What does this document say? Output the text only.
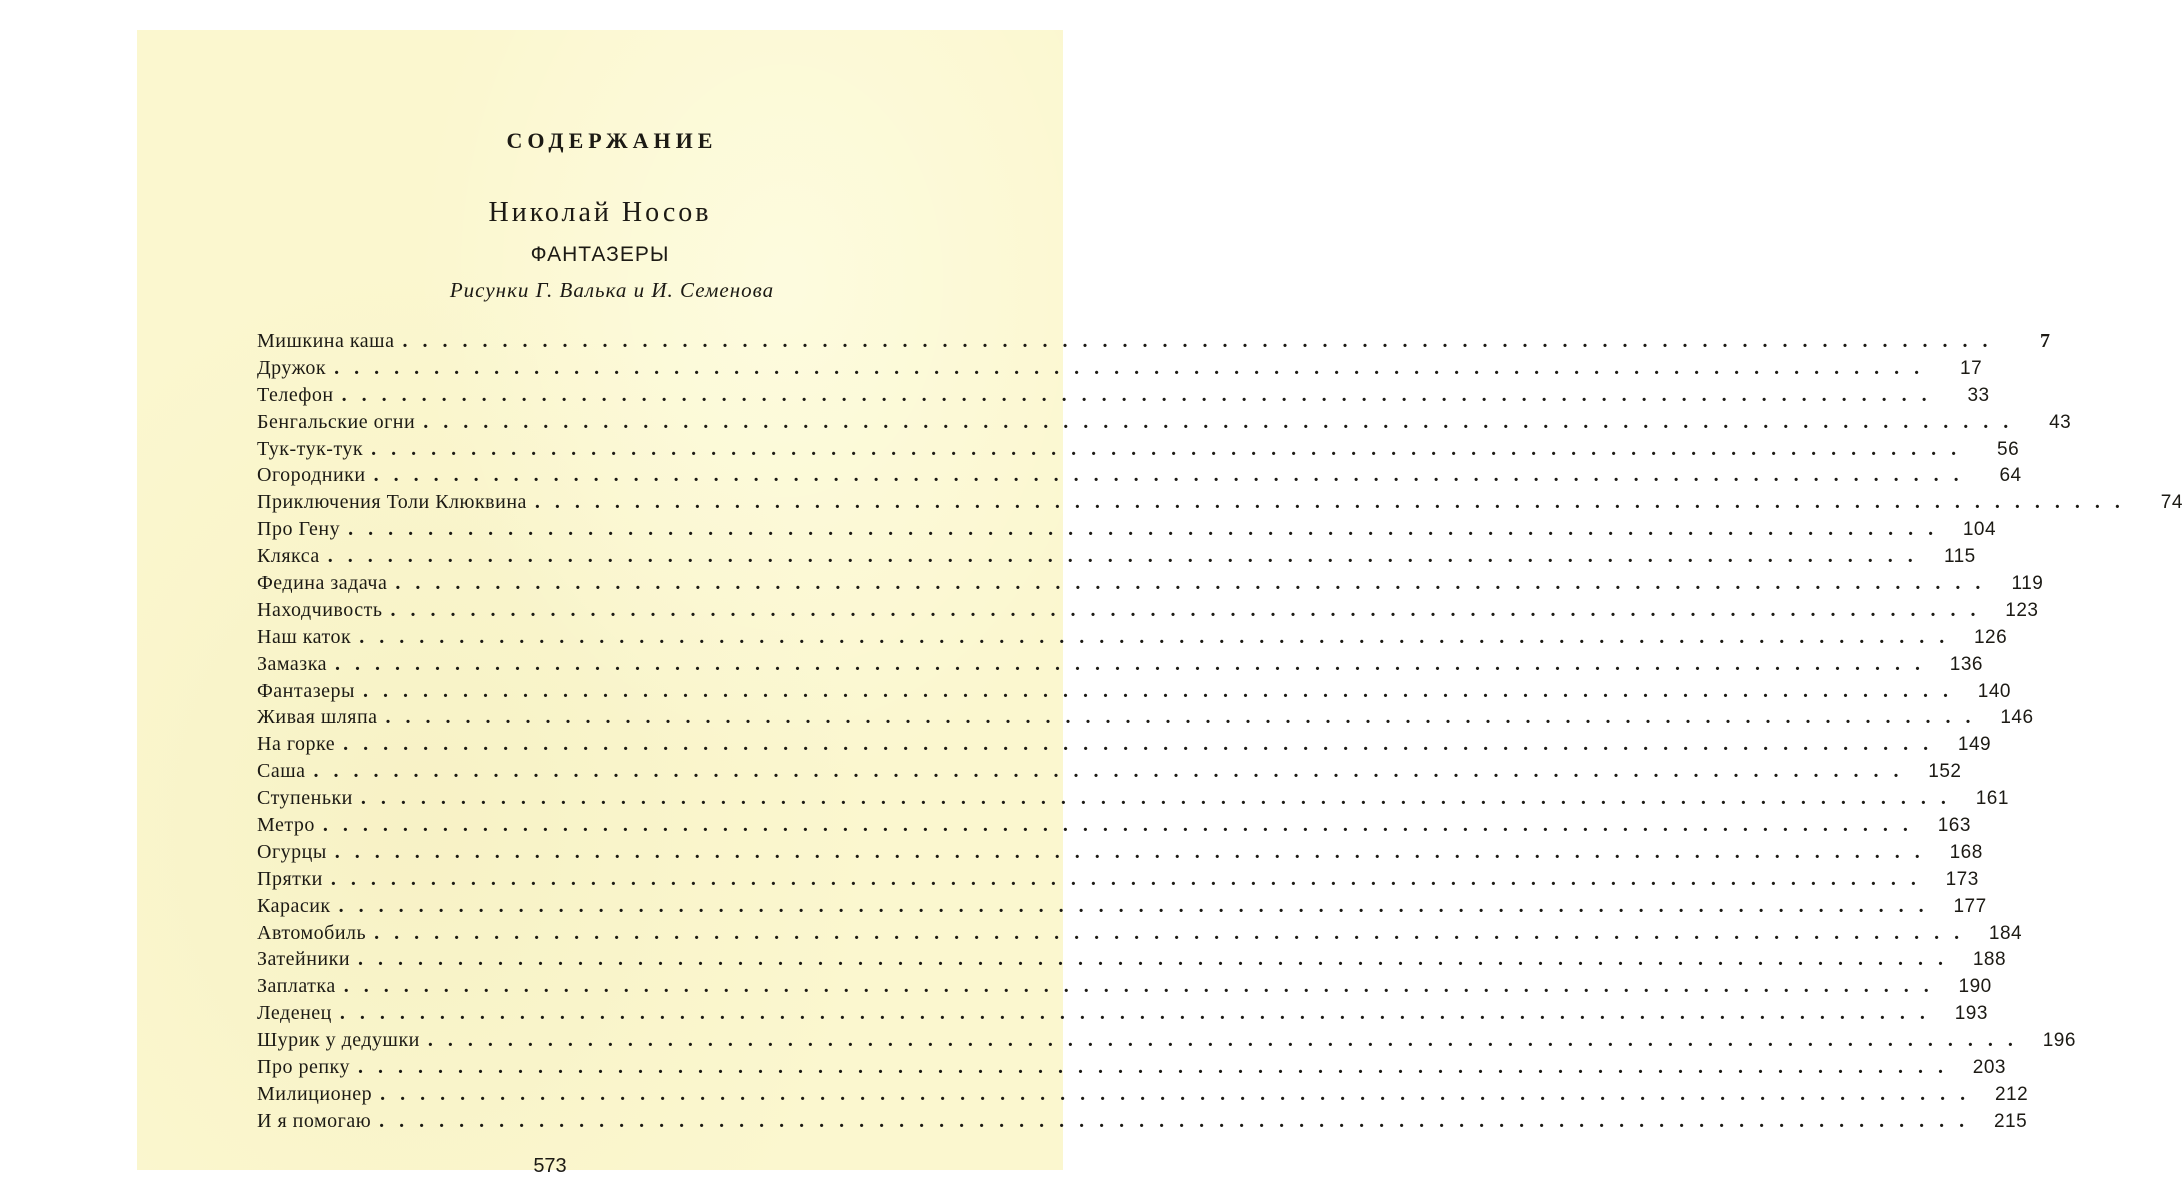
СОДЕРЖАНИЕ
Николай Носов
ФАНТАЗЕРЫ
Рисунки Г. Валька и И. Семенова
Мишкина каша ................................................................................	7
Дружок ................................................................................	17
Телефон ................................................................................	33
Бенгальские огни ................................................................................	43
Тук-тук-тук ................................................................................	56
Огородники ................................................................................	64
Приключения Толи Клюквина ................................................................................	74
Про Гену ................................................................................ 104
Клякса ................................................................................ 115
Федина задача ................................................................................ 119
Находчивость ................................................................................ 123
Наш каток ................................................................................ 126
Замазка ................................................................................ 136
Фантазеры ................................................................................ 140
Живая шляпа ................................................................................ 146
На горке ................................................................................ 149
Саша ................................................................................ 152
Ступеньки ................................................................................ 161
Метро ................................................................................ 163
Огурцы ................................................................................ 168
Прятки ................................................................................ 173
Карасик ................................................................................ 177
Автомобиль ................................................................................ 184
Затейники ................................................................................ 188
Заплатка ................................................................................ 190
Леденец ................................................................................ 193
Шурик у дедушки ................................................................................ 196
Про репку ................................................................................ 203
Милиционер ................................................................................ 212
И я помогаю ................................................................................ 215
573
